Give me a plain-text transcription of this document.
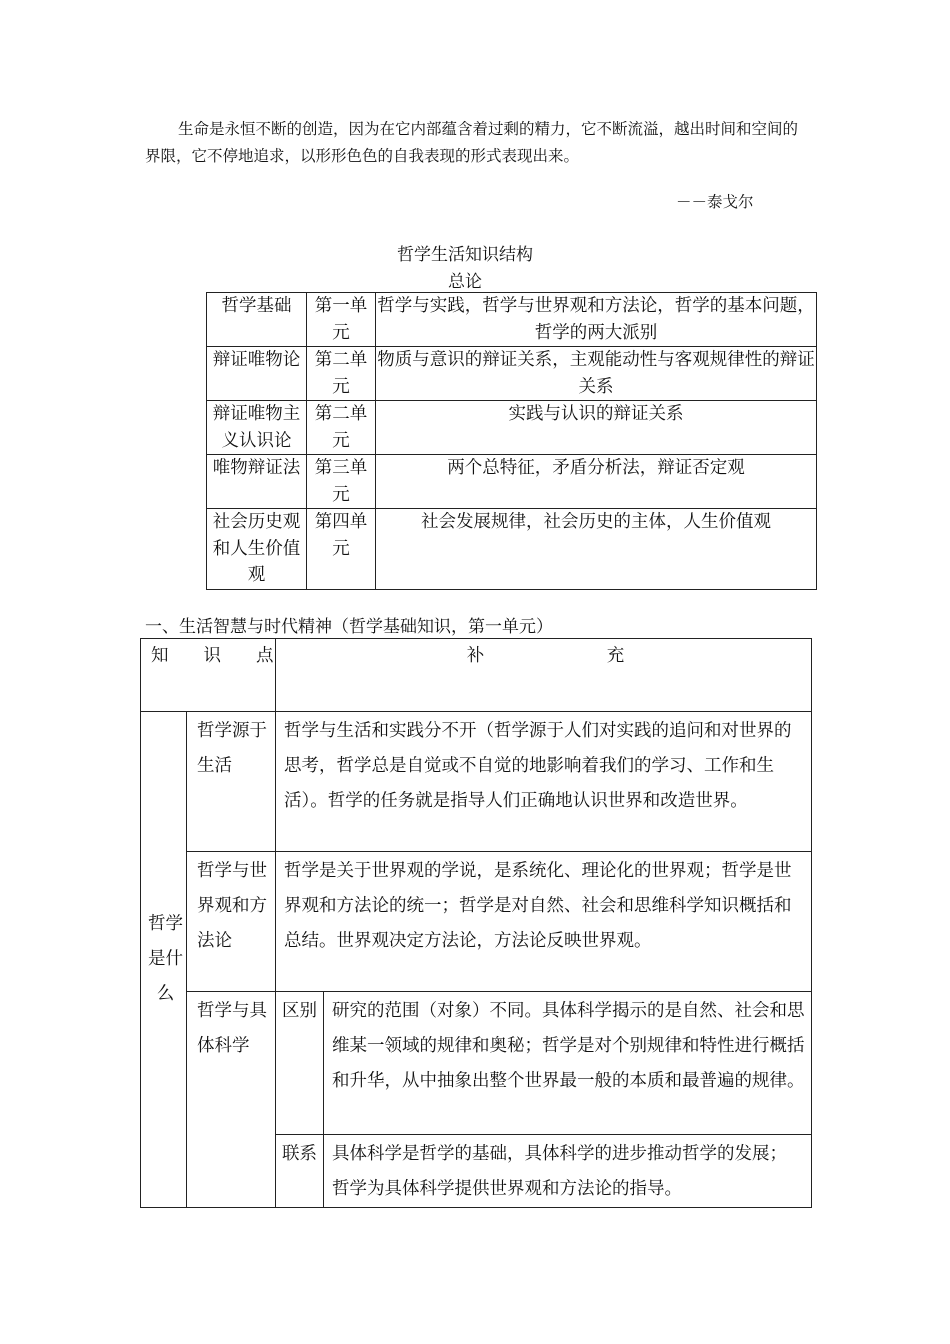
生命是永恒不断的创造，因为在它内部蕴含着过剩的精力，它不断流溢，越出时间和空间的界限，它不停地追求，以形形色色的自我表现的形式表现出来。

－－泰戈尔

哲学生活知识结构

总论

哲学基础	第一单元	哲学与实践，哲学与世界观和方法论，哲学的基本问题，哲学的两大派别
辩证唯物论	第二单元	物质与意识的辩证关系，主观能动性与客观规律性的辩证关系
辩证唯物主义认识论	第二单元	实践与认识的辩证关系
唯物辩证法	第三单元	两个总特征，矛盾分析法，辩证否定观
社会历史观和人生价值观	第四单元	社会发展规律，社会历史的主体，人生价值观

一、生活智慧与时代精神（哲学基础知识，第一单元）

知　　识　　点		补　　　　　　　充	
哲学是什么	哲学源于生活	哲学与生活和实践分不开（哲学源于人们对实践的追问和对世界的思考，哲学总是自觉或不自觉的地影响着我们的学习、工作和生活）。哲学的任务就是指导人们正确地认识世界和改造世界。	
	哲学与世界观和方法论	哲学是关于世界观的学说，是系统化、理论化的世界观；哲学是世界观和方法论的统一；哲学是对自然、社会和思维科学知识概括和总结。世界观决定方法论，方法论反映世界观。	
	哲学与具体科学	区别	研究的范围（对象）不同。具体科学揭示的是自然、社会和思维某一领域的规律和奥秘；哲学是对个别规律和特性进行概括和升华，从中抽象出整个世界最一般的本质和最普遍的规律。
		联系	具体科学是哲学的基础，具体科学的进步推动哲学的发展； 哲学为具体科学提供世界观和方法论的指导。
